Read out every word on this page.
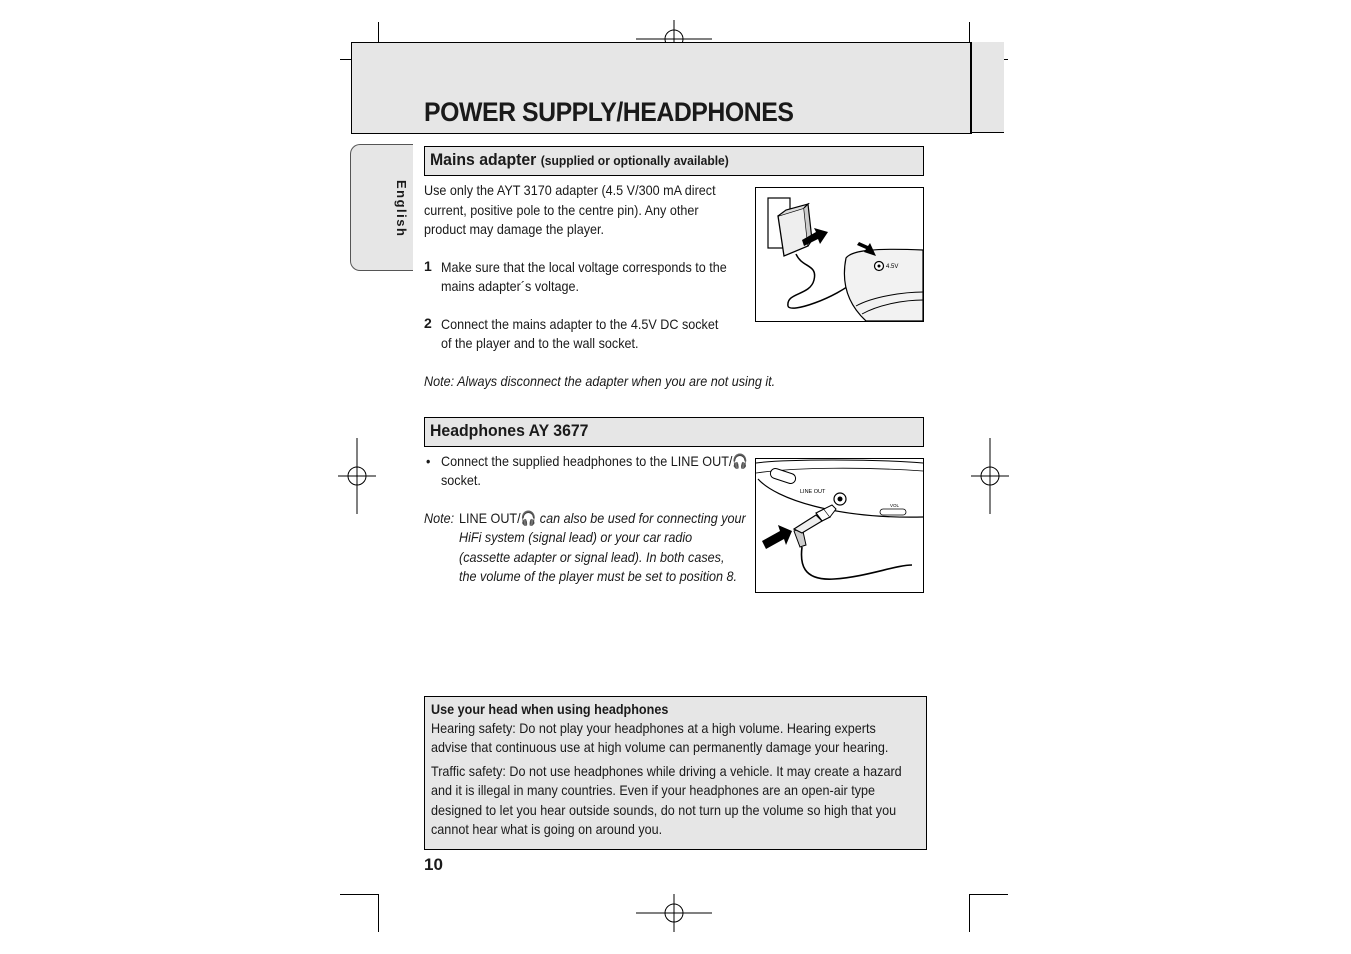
POWER SUPPLY/HEADPHONES
English
Mains adapter (supplied or optionally available)
Use only the AYT 3170 adapter (4.5 V/300 mA direct
current, positive pole to the centre pin). Any other
product may damage the player.
1 Make sure that the local voltage corresponds to the
mains adapter´s voltage.
2 Connect the mains adapter to the 4.5V DC socket
of the player and to the wall socket.
Note: Always disconnect the adapter when you are not using it.
4.5V
Headphones AY 3677
• Connect the supplied headphones to the LINE OUT/🎧
socket.
Note: LINE OUT/🎧 can also be used for connecting your
HiFi system (signal lead) or your car radio
(cassette adapter or signal lead). In both cases,
the volume of the player must be set to position 8.
LINE OUT
VOL
Use your head when using headphones
Hearing safety: Do not play your headphones at a high volume. Hearing experts
advise that continuous use at high volume can permanently damage your hearing.
Traffic safety: Do not use headphones while driving a vehicle. It may create a hazard
and it is illegal in many countries. Even if your headphones are an open-air type
designed to let you hear outside sounds, do not turn up the volume so high that you
cannot hear what is going on around you.
10
